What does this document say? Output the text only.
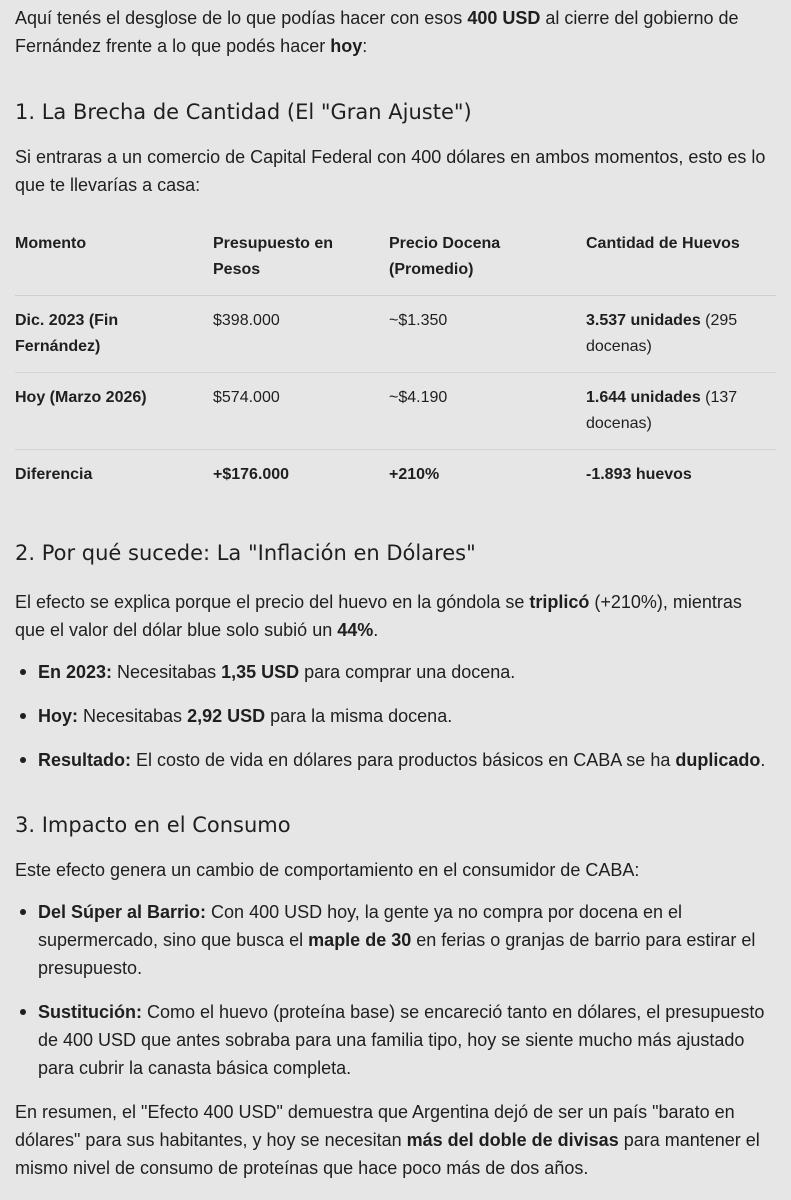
Aquí tenés el desglose de lo que podías hacer con esos 400 USD al cierre del gobierno de Fernández frente a lo que podés hacer hoy:

1. La Brecha de Cantidad (El "Gran Ajuste")

Si entraras a un comercio de Capital Federal con 400 dólares en ambos momentos, esto es lo que te llevarías a casa:

Momento	Presupuesto en Pesos	Precio Docena (Promedio)	Cantidad de Huevos
Dic. 2023 (Fin Fernández)	$398.000	~$1.350	3.537 unidades (295 docenas)
Hoy (Marzo 2026)	$574.000	~$4.190	1.644 unidades (137 docenas)
Diferencia	+$176.000	+210%	-1.893 huevos
2. Por qué sucede: La "Inflación en Dólares"

El efecto se explica porque el precio del huevo en la góndola se triplicó (+210%), mientras que el valor del dólar blue solo subió un 44%.

En 2023: Necesitabas 1,35 USD para comprar una docena.
Hoy: Necesitabas 2,92 USD para la misma docena.
Resultado: El costo de vida en dólares para productos básicos en CABA se ha duplicado.
3. Impacto en el Consumo

Este efecto genera un cambio de comportamiento en el consumidor de CABA:

Del Súper al Barrio: Con 400 USD hoy, la gente ya no compra por docena en el supermercado, sino que busca el maple de 30 en ferias o granjas de barrio para estirar el presupuesto.
Sustitución: Como el huevo (proteína base) se encareció tanto en dólares, el presupuesto de 400 USD que antes sobraba para una familia tipo, hoy se siente mucho más ajustado para cubrir la canasta básica completa.

En resumen, el "Efecto 400 USD" demuestra que Argentina dejó de ser un país "barato en dólares" para sus habitantes, y hoy se necesitan más del doble de divisas para mantener el mismo nivel de consumo de proteínas que hace poco más de dos años.
